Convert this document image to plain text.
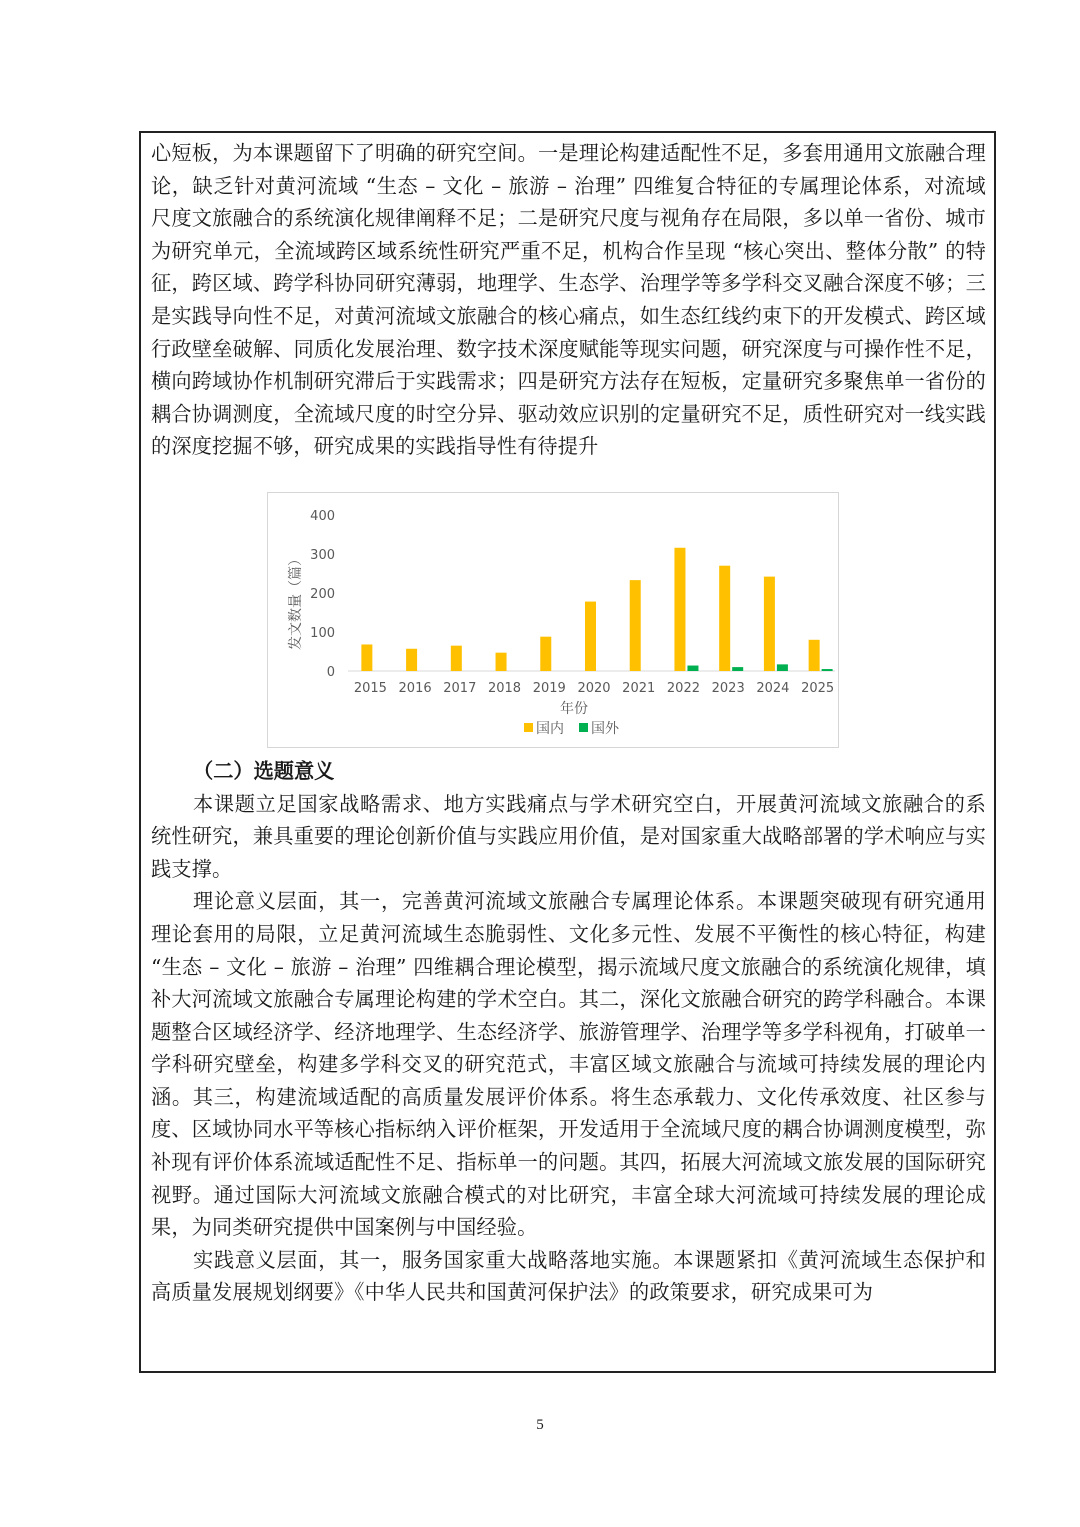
心短板，为本课题留下了明确的研究空间。一是理论构建适配性不足，多套用通用文旅融合理论，缺乏针对黄河流域 “生态 – 文化 – 旅游 – 治理” 四维复合特征的专属理论体系，对流域尺度文旅融合的系统演化规律阐释不足；二是研究尺度与视角存在局限，多以单一省份、城市为研究单元，全流域跨区域系统性研究严重不足，机构合作呈现 “核心突出、整体分散” 的特征，跨区域、跨学科协同研究薄弱，地理学、生态学、治理学等多学科交叉融合深度不够；三是实践导向性不足，对黄河流域文旅融合的核心痛点，如生态红线约束下的开发模式、跨区域行政壁垒破解、同质化发展治理、数字技术深度赋能等现实问题，研究深度与可操作性不足，横向跨域协作机制研究滞后于实践需求；四是研究方法存在短板，定量研究多聚焦单一省份的耦合协调测度，全流域尺度的时空分异、驱动效应识别的定量研究不足，质性研究对一线实践的深度挖掘不够，研究成果的实践指导性有待提升

0
100
200
300
400
2015 2016 2017 2018 2019 2020 2021 2022 2023 2024 2025
发文数量（篇）
年份
国内 国外
（二）选题意义

本课题立足国家战略需求、地方实践痛点与学术研究空白，开展黄河流域文旅融合的系统性研究，兼具重要的理论创新价值与实践应用价值，是对国家重大战略部署的学术响应与实践支撑。

理论意义层面，其一，完善黄河流域文旅融合专属理论体系。本课题突破现有研究通用理论套用的局限，立足黄河流域生态脆弱性、文化多元性、发展不平衡性的核心特征，构建 “生态 – 文化 – 旅游 – 治理” 四维耦合理论模型，揭示流域尺度文旅融合的系统演化规律，填补大河流域文旅融合专属理论构建的学术空白。其二，深化文旅融合研究的跨学科融合。本课题整合区域经济学、经济地理学、生态经济学、旅游管理学、治理学等多学科视角，打破单一学科研究壁垒，构建多学科交叉的研究范式，丰富区域文旅融合与流域可持续发展的理论内涵。其三，构建流域适配的高质量发展评价体系。将生态承载力、文化传承效度、社区参与度、区域协同水平等核心指标纳入评价框架，开发适用于全流域尺度的耦合协调测度模型，弥补现有评价体系流域适配性不足、指标单一的问题。其四，拓展大河流域文旅发展的国际研究视野。通过国际大河流域文旅融合模式的对比研究，丰富全球大河流域可持续发展的理论成果，为同类研究提供中国案例与中国经验。

实践意义层面，其一，服务国家重大战略落地实施。本课题紧扣《黄河流域生态保护和高质量发展规划纲要》《中华人民共和国黄河保护法》的政策要求，研究成果可为

5
